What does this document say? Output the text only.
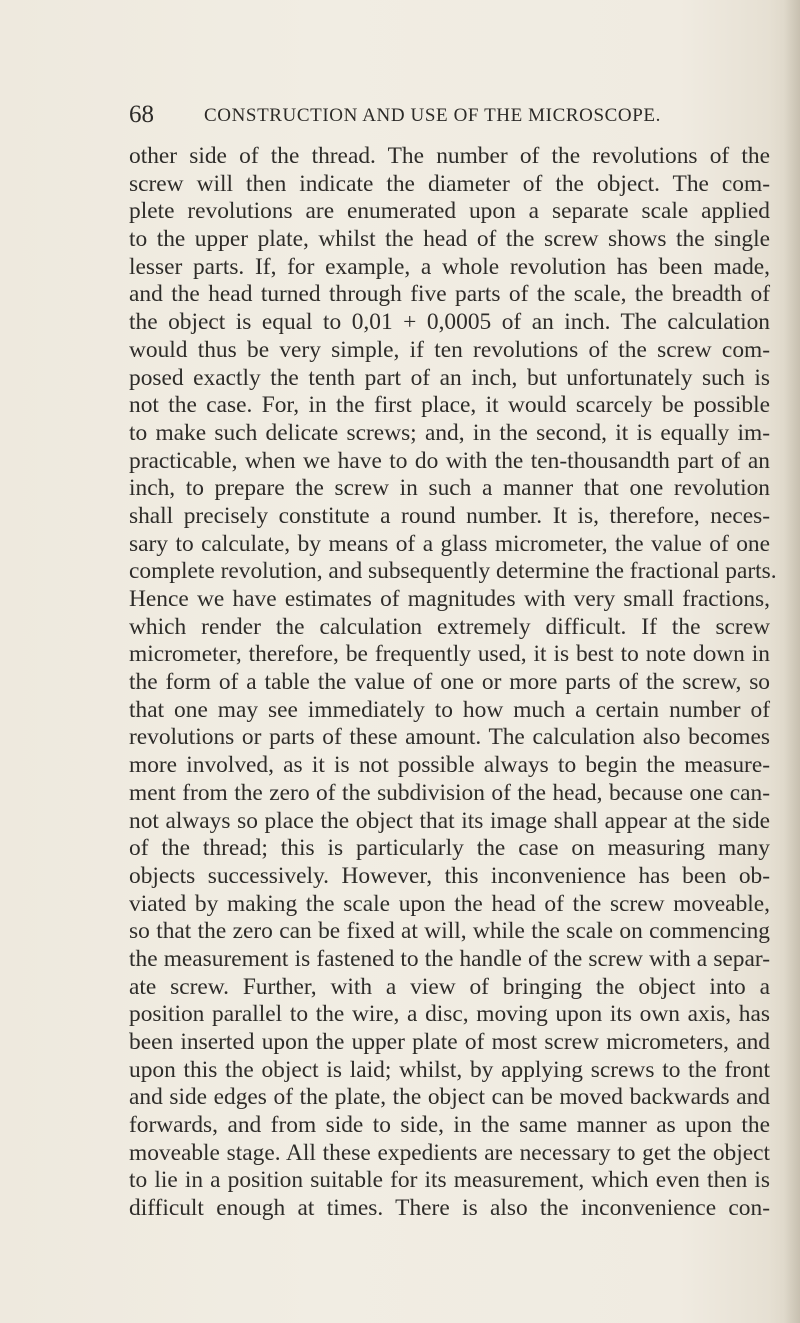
68	CONSTRUCTION AND USE OF THE MICROSCOPE.
other side of the thread. The number of the revolutions of the
screw will then indicate the diameter of the object. The com-
plete revolutions are enumerated upon a separate scale applied
to the upper plate, whilst the head of the screw shows the single
lesser parts. If, for example, a whole revolution has been made,
and the head turned through five parts of the scale, the breadth of
the object is equal to 0,01 + 0,0005 of an inch. The calculation
would thus be very simple, if ten revolutions of the screw com-
posed exactly the tenth part of an inch, but unfortunately such is
not the case. For, in the first place, it would scarcely be possible
to make such delicate screws; and, in the second, it is equally im-
practicable, when we have to do with the ten-thousandth part of an
inch, to prepare the screw in such a manner that one revolution
shall precisely constitute a round number. It is, therefore, neces-
sary to calculate, by means of a glass micrometer, the value of one
complete revolution, and subsequently determine the fractional parts.
Hence we have estimates of magnitudes with very small fractions,
which render the calculation extremely difficult. If the screw
micrometer, therefore, be frequently used, it is best to note down in
the form of a table the value of one or more parts of the screw, so
that one may see immediately to how much a certain number of
revolutions or parts of these amount. The calculation also becomes
more involved, as it is not possible always to begin the measure-
ment from the zero of the subdivision of the head, because one can-
not always so place the object that its image shall appear at the side
of the thread; this is particularly the case on measuring many
objects successively. However, this inconvenience has been ob-
viated by making the scale upon the head of the screw moveable,
so that the zero can be fixed at will, while the scale on commencing
the measurement is fastened to the handle of the screw with a separ-
ate screw. Further, with a view of bringing the object into a
position parallel to the wire, a disc, moving upon its own axis, has
been inserted upon the upper plate of most screw micrometers, and
upon this the object is laid; whilst, by applying screws to the front
and side edges of the plate, the object can be moved backwards and
forwards, and from side to side, in the same manner as upon the
moveable stage. All these expedients are necessary to get the object
to lie in a position suitable for its measurement, which even then is
difficult enough at times. There is also the inconvenience con-
